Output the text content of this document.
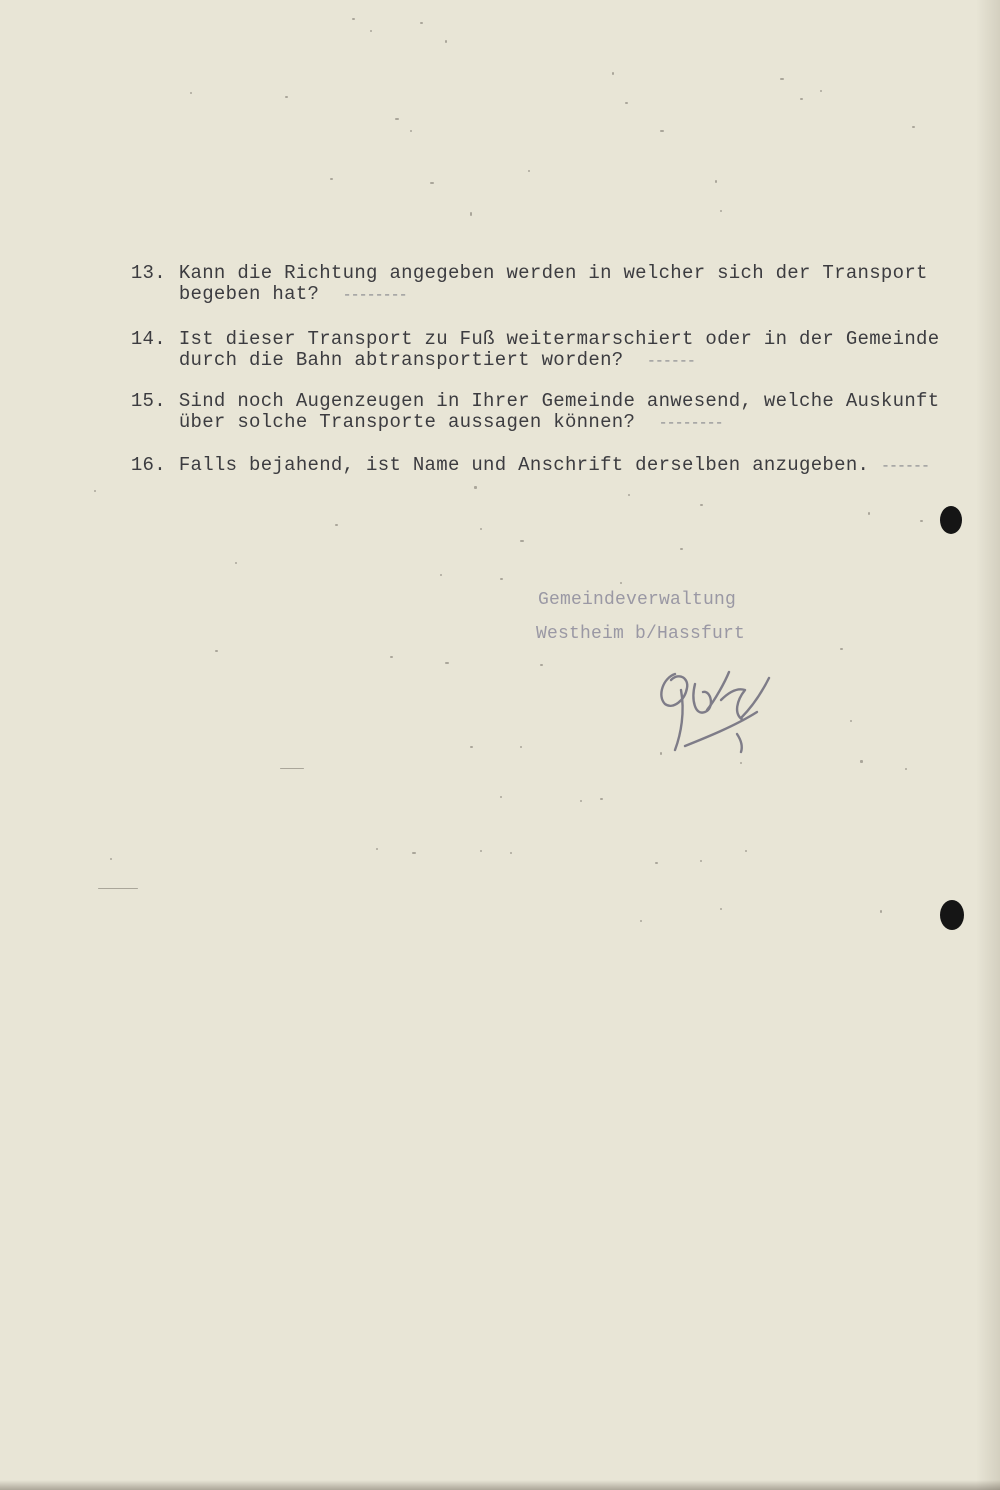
13. Kann die Richtung angegeben werden in welcher sich der Transport
begeben hat? --------

14. Ist dieser Transport zu Fuß weitermarschiert oder in der Gemeinde
durch die Bahn abtransportiert worden? ------

15. Sind noch Augenzeugen in Ihrer Gemeinde anwesend, welche Auskunft
über solche Transporte aussagen können? --------

16. Falls bejahend, ist Name und Anschrift derselben anzugeben. ------

Gemeindeverwaltung
Westheim b/Hassfurt
